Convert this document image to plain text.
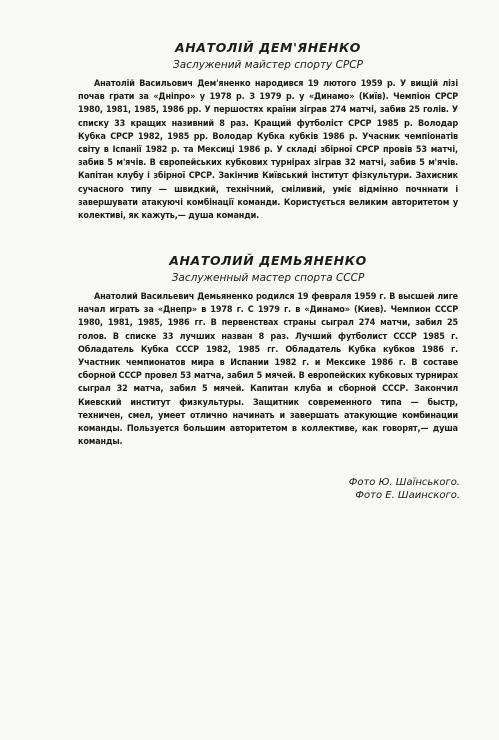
АНАТОЛІЙ ДЕМ'ЯНЕНКО
Заслужений майстер спорту СРСР

Анатолій Васильович Дем'яненко народився 19 лютого 1959 р. У вищій лізі почав грати за «Дніпро» у 1978 р. З 1979 р. у «Динамо» (Київ). Чемпіон СРСР 1980, 1981, 1985, 1986 рр. У першостях країни зіграв 274 матчі, забив 25 голів. У списку 33 кращих називний 8 раз. Кращий футболіст СРСР 1985 р. Володар Кубка СРСР 1982, 1985 рр. Володар Кубка кубків 1986 р. Учасник чемпіонатів світу в Іспанії 1982 р. та Мексиці 1986 р. У складі збірної СРСР провів 53 матчі, забив 5 м'ячів. В європейських кубкових турнірах зіграв 32 матчі, забив 5 м'ячів. Капітан клубу і збірної СРСР. Закінчив Київський інститут фізкультури. Захисник сучасного типу — швидкий, технічний, сміливий, уміє відмінно почннати і завершувати атакуючі комбінації команди. Користується великим авторитетом у колективі, як кажуть,— душа команди.

АНАТОЛИЙ ДЕМЬЯНЕНКО
Заслуженный мастер спорта СССР

Анатолий Васильевич Демьяненко родился 19 февраля 1959 г. В высшей лиге начал играть за «Днепр» в 1978 г. С 1979 г. в «Динамо» (Киев). Чемпион СССР 1980, 1981, 1985, 1986 гг. В первенствах страны сыграл 274 матчи, забил 25 голов. В списке 33 лучших назван 8 раз. Лучший футболист СССР 1985 г. Обладатель Кубка СССР 1982, 1985 гг. Обладатель Кубка кубков 1986 г. Участник чемпионатов мира в Испании 1982 г. и Мексике 1986 г. В составе сборной СССР провел 53 матча, забил 5 мячей. В европейских кубковых турнирах сыграл 32 матча, забил 5 мячей. Капитан клуба и сборной СССР. Закончил Киевский институт физкультуры. Защитник современного типа — быстр, техничен, смел, умеет отлично начинать и завершать атакующие комбинации команды. Пользуется большим авторитетом в коллективе, как говорят,— душа команды.

Фото Ю. Шаїнського.
Фото Е. Шаинского.
